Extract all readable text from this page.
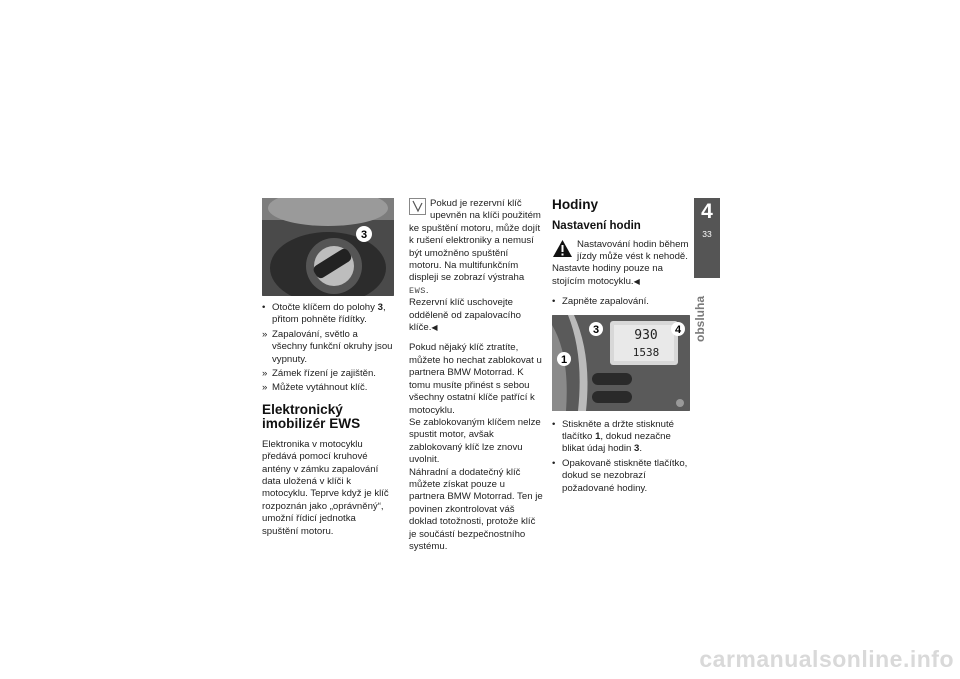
3
• Otočte klíčem do polohy 3, přitom pohněte řídítky.
» Zapalování, světlo a všechny funkční okruhy jsou vypnuty.
» Zámek řízení je zajištěn.
» Můžete vytáhnout klíč.
Elektronický imobilizér EWS

Elektronika v motocyklu předává pomocí kruhové antény v zámku zapalování data uložená v klíči k motocyklu. Teprve když je klíč rozpoznán jako „oprávněný“, umožní řídicí jednotka spuštění motoru.

Pokud je rezervní klíč upevněn na klíči použitém ke spuštění motoru, může dojít k rušení elektroniky a nemusí být umožněno spuštění motoru. Na multifunkčním displeji se zobrazí výstraha EWS.
Rezervní klíč uschovejte odděleně od zapalovacího klíče.◀

Pokud nějaký klíč ztratíte, můžete ho nechat zablokovat u partnera BMW Motorrad. K tomu musíte přinést s sebou všechny ostatní klíče patřící k motocyklu.
Se zablokovaným klíčem nelze spustit motor, avšak zablokovaný klíč lze znovu uvolnit.
Náhradní a dodatečný klíč můžete získat pouze u partnera BMW Motorrad. Ten je povinen zkontrolovat váš doklad totožnosti, protože klíč je součástí bezpečnostního systému.

Hodiny
Nastavení hodin

Nastavování hodin během jízdy může vést k nehodě. Nastavte hodiny pouze na stojícím motocyklu.◀

• Zapněte zapalování.
930
1538
1
3	4
• Stiskněte a držte stisknuté tlačítko 1, dokud nezačne blikat údaj hodin 3.
• Opakovaně stiskněte tlačítko, dokud se nezobrazí požadované hodiny.
4
33
obsluha
carmanualsonline.info
